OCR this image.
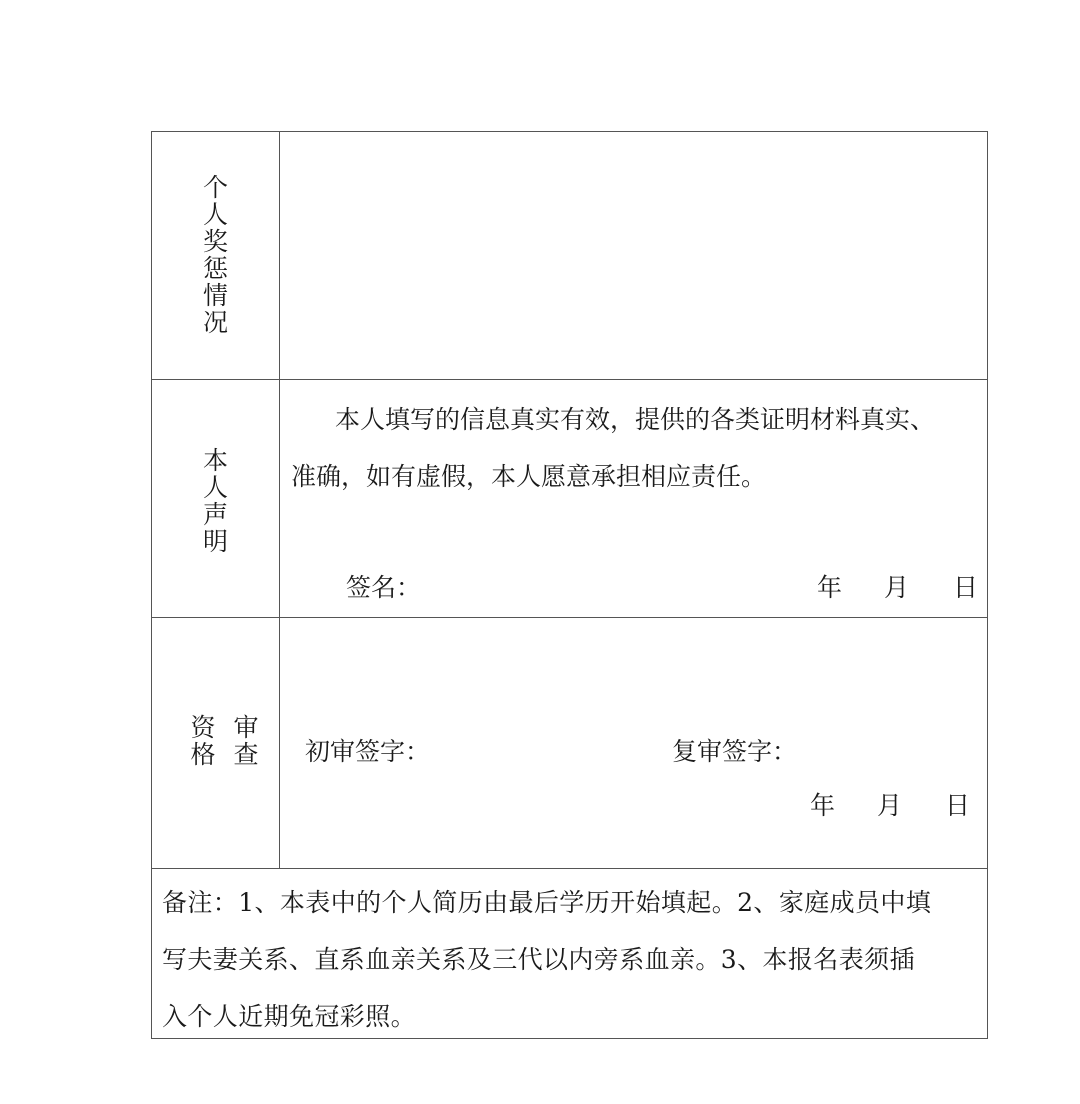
个人奖惩情况
本人声明
本人填写的信息真实有效，提供的各类证明材料真实、
准确，如有虚假，本人愿意承担相应责任。
签名：	年 月 日
资格
审查 初审签字：	复审签字：
年 月 日
备注：1、本表中的个人简历由最后学历开始填起。2、家庭成员中填
写夫妻关系、直系血亲关系及三代以内旁系血亲。3、本报名表须插
入个人近期免冠彩照。
